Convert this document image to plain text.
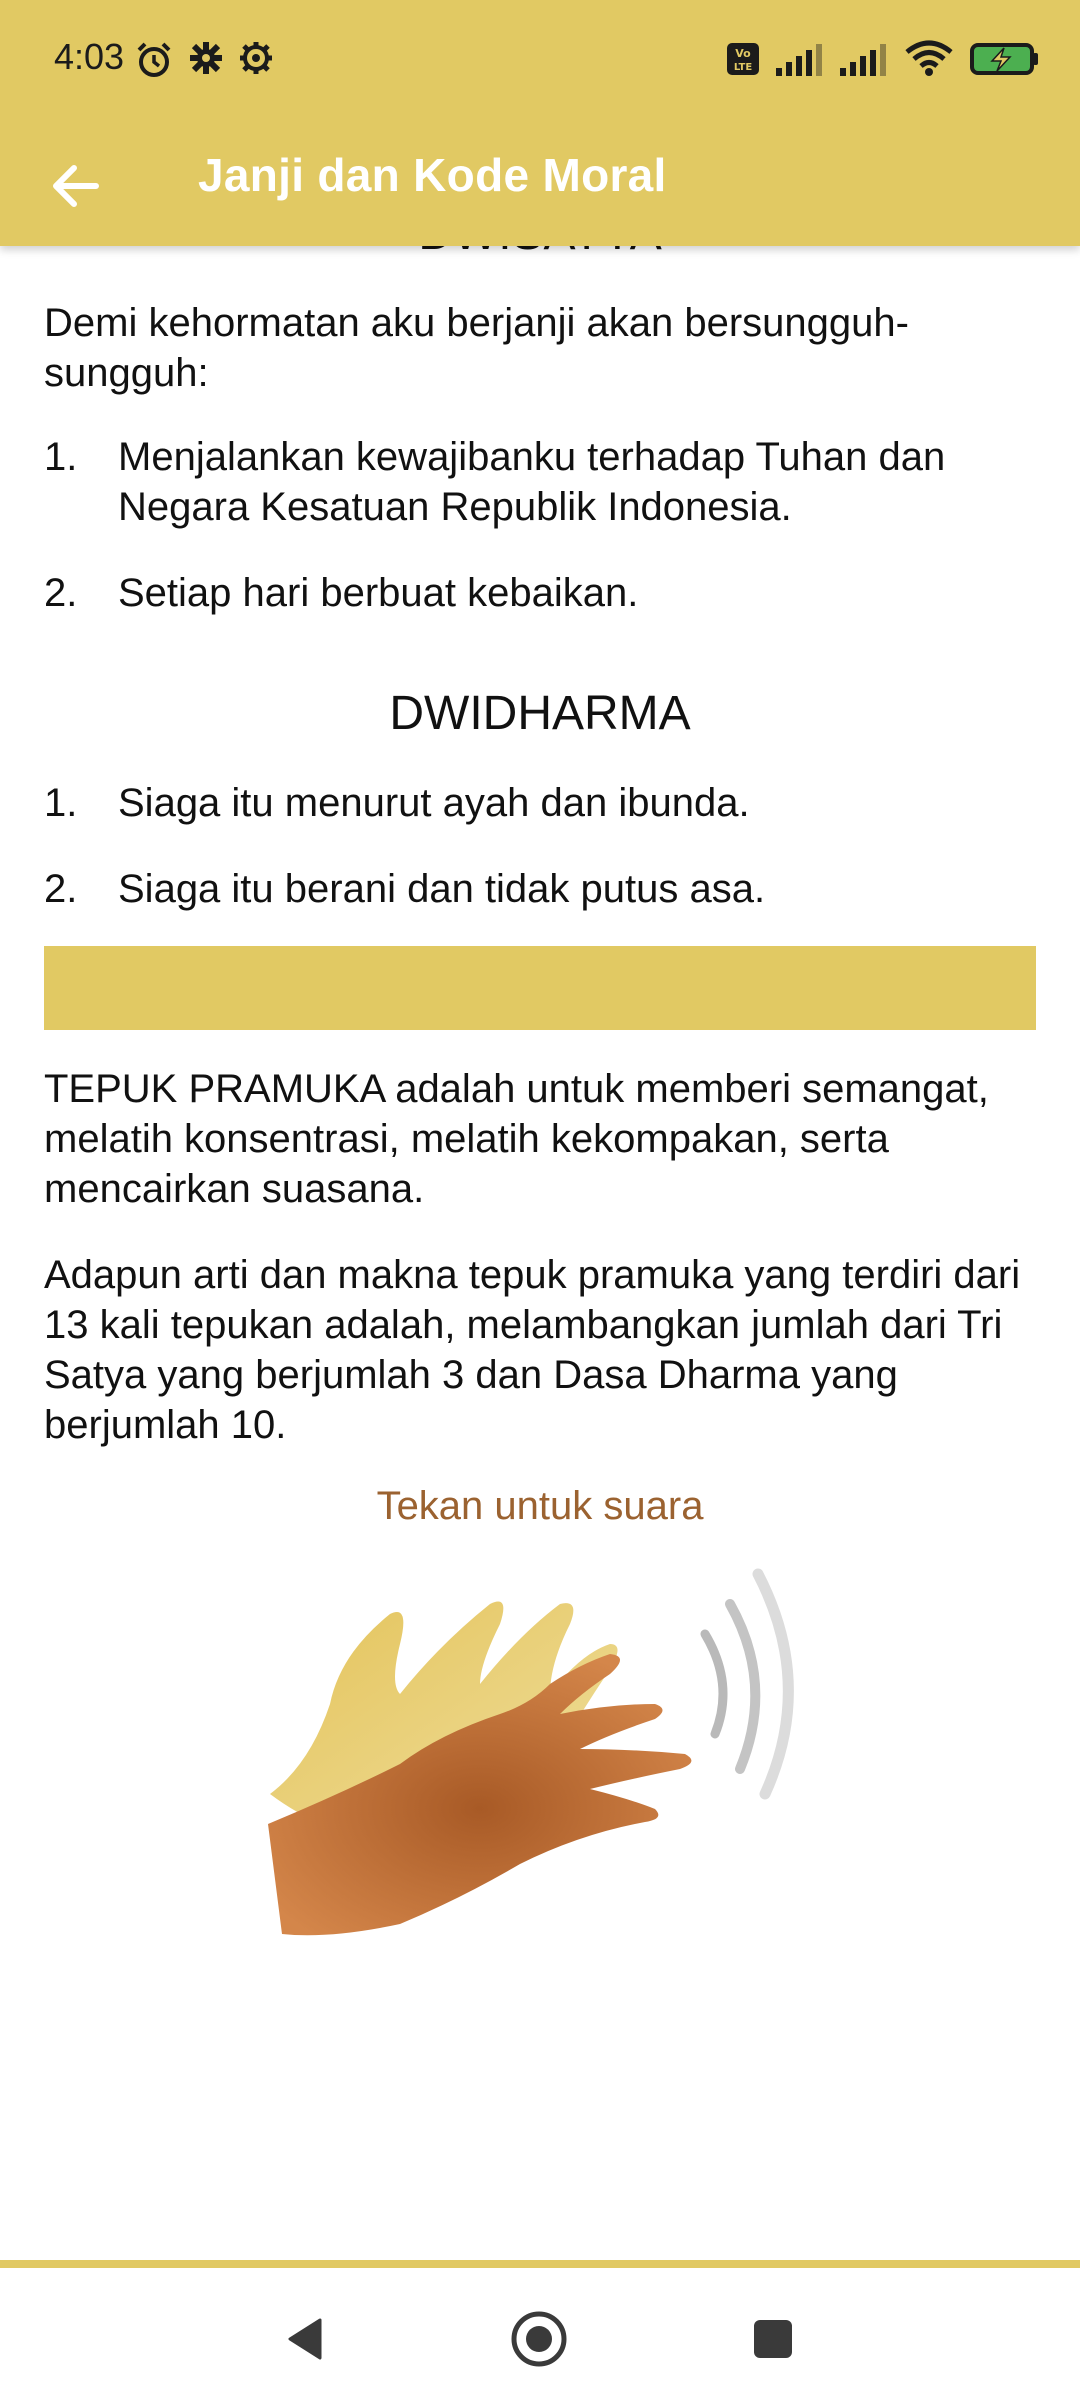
4:03	Vo
LTE
Janji dan Kode Moral
Demi kehormatan aku berjanji akan bersungguh-sungguh:
1.	Menjalankan kewajibanku terhadap Tuhan dan Negara Kesatuan Republik Indonesia.
2.	Setiap hari berbuat kebaikan.
DWIDHARMA
1.	Siaga itu menurut ayah dan ibunda.
2.	Siaga itu berani dan tidak putus asa.
TEPUK PRAMUKA adalah untuk memberi semangat, melatih konsentrasi, melatih kekompakan, serta mencairkan suasana.
Adapun arti dan makna tepuk pramuka yang terdiri dari 13 kali tepukan adalah, melambangkan jumlah dari Tri Satya yang berjumlah 3 dan Dasa Dharma yang berjumlah 10.
Tekan untuk suara
